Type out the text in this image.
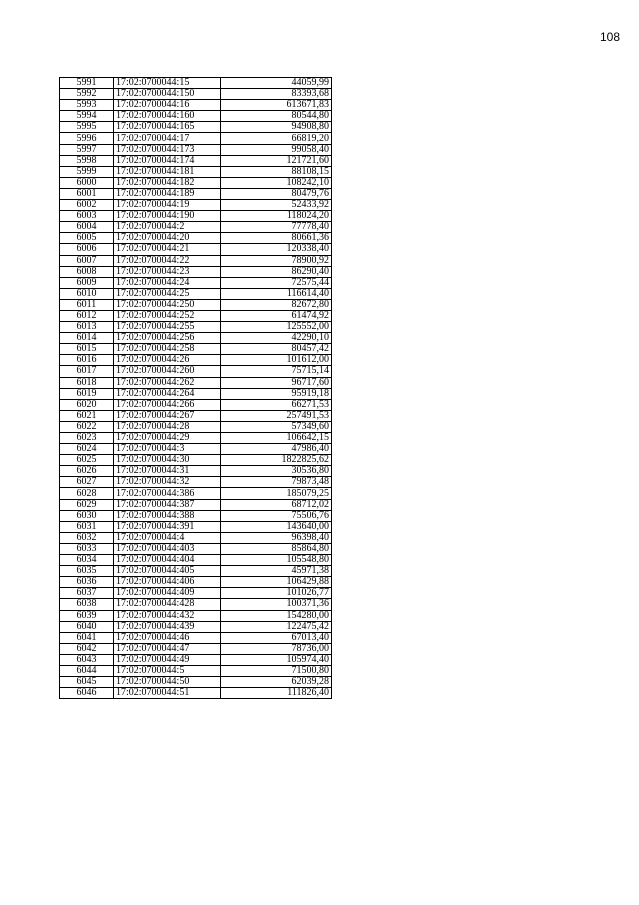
108
5991	17:02:0700044:15	44059,99
5992	17:02:0700044:150	83393,68
5993	17:02:0700044:16	613671,83
5994	17:02:0700044:160	80544,80
5995	17:02:0700044:165	94908,80
5996	17:02:0700044:17	66819,20
5997	17:02:0700044:173	99058,40
5998	17:02:0700044:174	121721,60
5999	17:02:0700044:181	88108,15
6000	17:02:0700044:182	108242,10
6001	17:02:0700044:189	80479,76
6002	17:02:0700044:19	52433,92
6003	17:02:0700044:190	118024,20
6004	17:02:0700044:2	77778,40
6005	17:02:0700044:20	80661,36
6006	17:02:0700044:21	120338,40
6007	17:02:0700044:22	78900,92
6008	17:02:0700044:23	86290,40
6009	17:02:0700044:24	72575,44
6010	17:02:0700044:25	116614,40
6011	17:02:0700044:250	82672,80
6012	17:02:0700044:252	61474,92
6013	17:02:0700044:255	125552,00
6014	17:02:0700044:256	42290,10
6015	17:02:0700044:258	80457,42
6016	17:02:0700044:26	101612,00
6017	17:02:0700044:260	75715,14
6018	17:02:0700044:262	96717,60
6019	17:02:0700044:264	95919,18
6020	17:02:0700044:266	66271,53
6021	17:02:0700044:267	257491,53
6022	17:02:0700044:28	57349,60
6023	17:02:0700044:29	106642,15
6024	17:02:0700044:3	47986,40
6025	17:02:0700044:30	1822825,62
6026	17:02:0700044:31	30536,80
6027	17:02:0700044:32	79873,48
6028	17:02:0700044:386	185079,25
6029	17:02:0700044:387	68712,02
6030	17:02:0700044:388	75506,76
6031	17:02:0700044:391	143640,00
6032	17:02:0700044:4	96398,40
6033	17:02:0700044:403	85864,80
6034	17:02:0700044:404	105548,80
6035	17:02:0700044:405	45971,38
6036	17:02:0700044:406	106429,88
6037	17:02:0700044:409	101026,77
6038	17:02:0700044:428	100371,36
6039	17:02:0700044:432	154280,00
6040	17:02:0700044:439	122475,42
6041	17:02:0700044:46	67013,40
6042	17:02:0700044:47	78736,00
6043	17:02:0700044:49	105974,40
6044	17:02:0700044:5	71500,80
6045	17:02:0700044:50	62039,28
6046	17:02:0700044:51	111826,40
